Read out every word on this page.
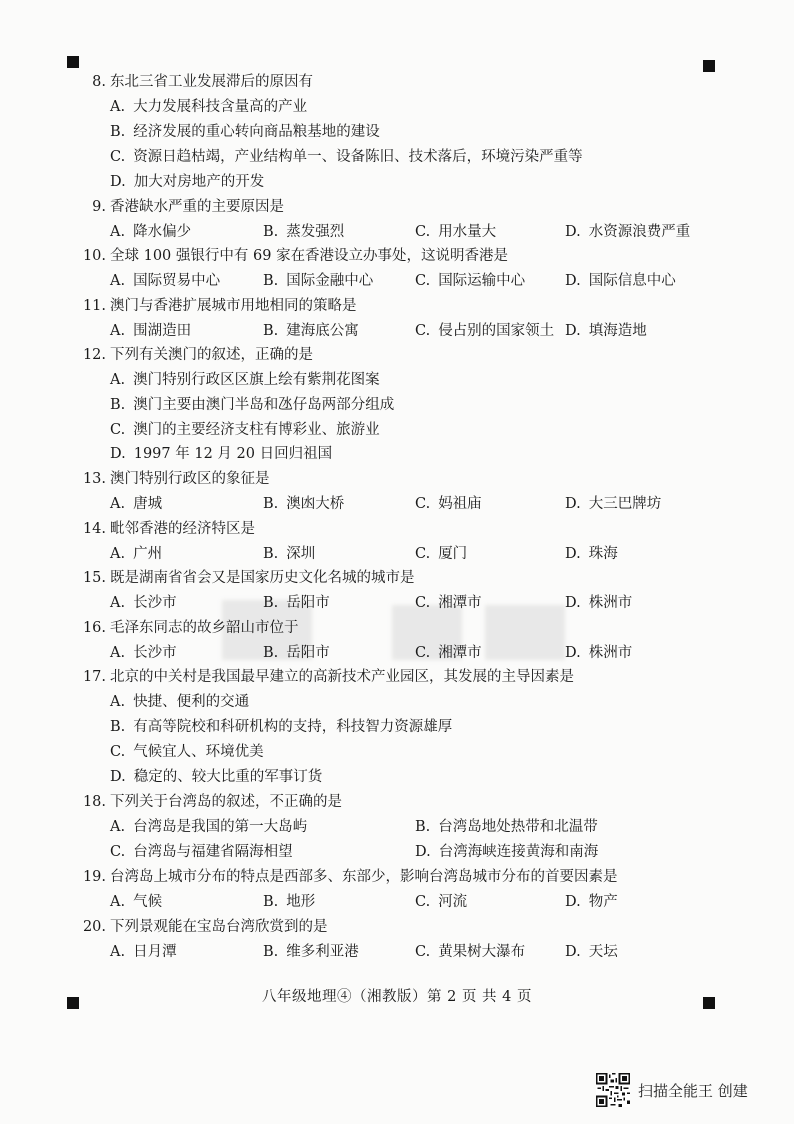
8. 东北三省工业发展滞后的原因有
A. 大力发展科技含量高的产业
B. 经济发展的重心转向商品粮基地的建设
C. 资源日趋枯竭，产业结构单一、设备陈旧、技术落后，环境污染严重等
D. 加大对房地产的开发
9. 香港缺水严重的主要原因是
A. 降水偏少	B. 蒸发强烈	C. 用水量大	D. 水资源浪费严重
10. 全球 100 强银行中有 69 家在香港设立办事处，这说明香港是
A. 国际贸易中心	B. 国际金融中心	C. 国际运输中心	D. 国际信息中心
11. 澳门与香港扩展城市用地相同的策略是
A. 围湖造田	B. 建海底公寓	C. 侵占别的国家领土 D. 填海造地
12. 下列有关澳门的叙述，正确的是
A. 澳门特别行政区区旗上绘有紫荆花图案
B. 澳门主要由澳门半岛和氹仔岛两部分组成
C. 澳门的主要经济支柱有博彩业、旅游业
D. 1997 年 12 月 20 日回归祖国
13. 澳门特别行政区的象征是
A. 唐城	B. 澳凼大桥	C. 妈祖庙	D. 大三巴牌坊
14. 毗邻香港的经济特区是
A. 广州	B. 深圳	C. 厦门	D. 珠海
15. 既是湖南省省会又是国家历史文化名城的城市是
A. 长沙市	B. 岳阳市	C. 湘潭市	D. 株洲市
16. 毛泽东同志的故乡韶山市位于
A. 长沙市	B. 岳阳市	C. 湘潭市	D. 株洲市
17. 北京的中关村是我国最早建立的高新技术产业园区，其发展的主导因素是
A. 快捷、便利的交通
B. 有高等院校和科研机构的支持，科技智力资源雄厚
C. 气候宜人、环境优美
D. 稳定的、较大比重的军事订货
18. 下列关于台湾岛的叙述，不正确的是
A. 台湾岛是我国的第一大岛屿	B. 台湾岛地处热带和北温带
C. 台湾岛与福建省隔海相望	D. 台湾海峡连接黄海和南海
19. 台湾岛上城市分布的特点是西部多、东部少，影响台湾岛城市分布的首要因素是
A. 气候	B. 地形	C. 河流	D. 物产
20. 下列景观能在宝岛台湾欣赏到的是
A. 日月潭	B. 维多利亚港	C. 黄果树大瀑布	D. 天坛
八年级地理④（湘教版）第 2 页 共 4 页
扫描全能王 创建
